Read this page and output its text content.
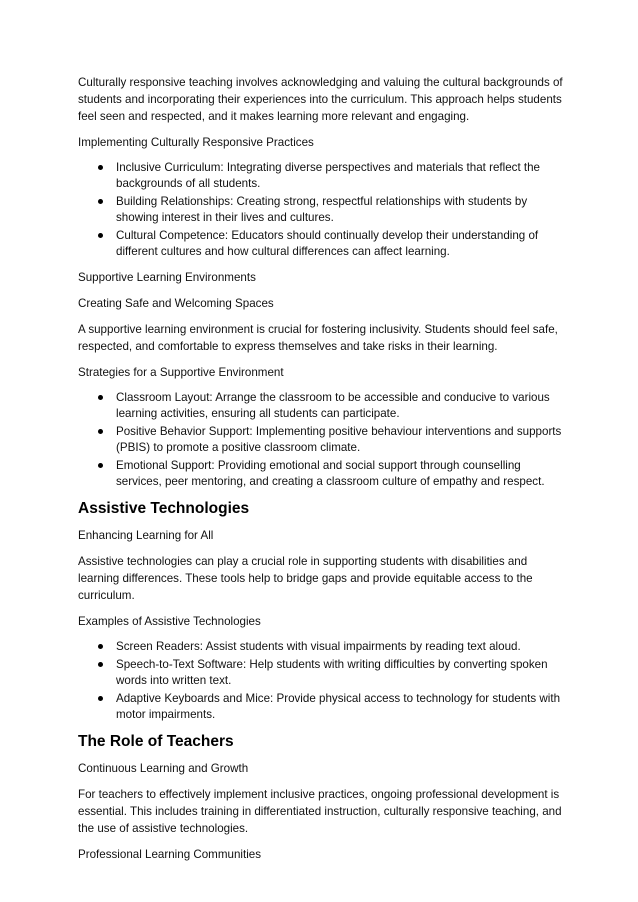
Culturally responsive teaching involves acknowledging and valuing the cultural backgrounds of students and incorporating their experiences into the curriculum. This approach helps students feel seen and respected, and it makes learning more relevant and engaging.

Implementing Culturally Responsive Practices

Inclusive Curriculum: Integrating diverse perspectives and materials that reflect the backgrounds of all students.
Building Relationships: Creating strong, respectful relationships with students by showing interest in their lives and cultures.
Cultural Competence: Educators should continually develop their understanding of different cultures and how cultural differences can affect learning.

Supportive Learning Environments

Creating Safe and Welcoming Spaces

A supportive learning environment is crucial for fostering inclusivity. Students should feel safe, respected, and comfortable to express themselves and take risks in their learning.

Strategies for a Supportive Environment

Classroom Layout: Arrange the classroom to be accessible and conducive to various learning activities, ensuring all students can participate.
Positive Behavior Support: Implementing positive behaviour interventions and supports (PBIS) to promote a positive classroom climate.
Emotional Support: Providing emotional and social support through counselling services, peer mentoring, and creating a classroom culture of empathy and respect.
Assistive Technologies

Enhancing Learning for All

Assistive technologies can play a crucial role in supporting students with disabilities and learning differences. These tools help to bridge gaps and provide equitable access to the curriculum.

Examples of Assistive Technologies

Screen Readers: Assist students with visual impairments by reading text aloud.
Speech-to-Text Software: Help students with writing difficulties by converting spoken words into written text.
Adaptive Keyboards and Mice: Provide physical access to technology for students with motor impairments.
The Role of Teachers

Continuous Learning and Growth

For teachers to effectively implement inclusive practices, ongoing professional development is essential. This includes training in differentiated instruction, culturally responsive teaching, and the use of assistive technologies.

Professional Learning Communities
